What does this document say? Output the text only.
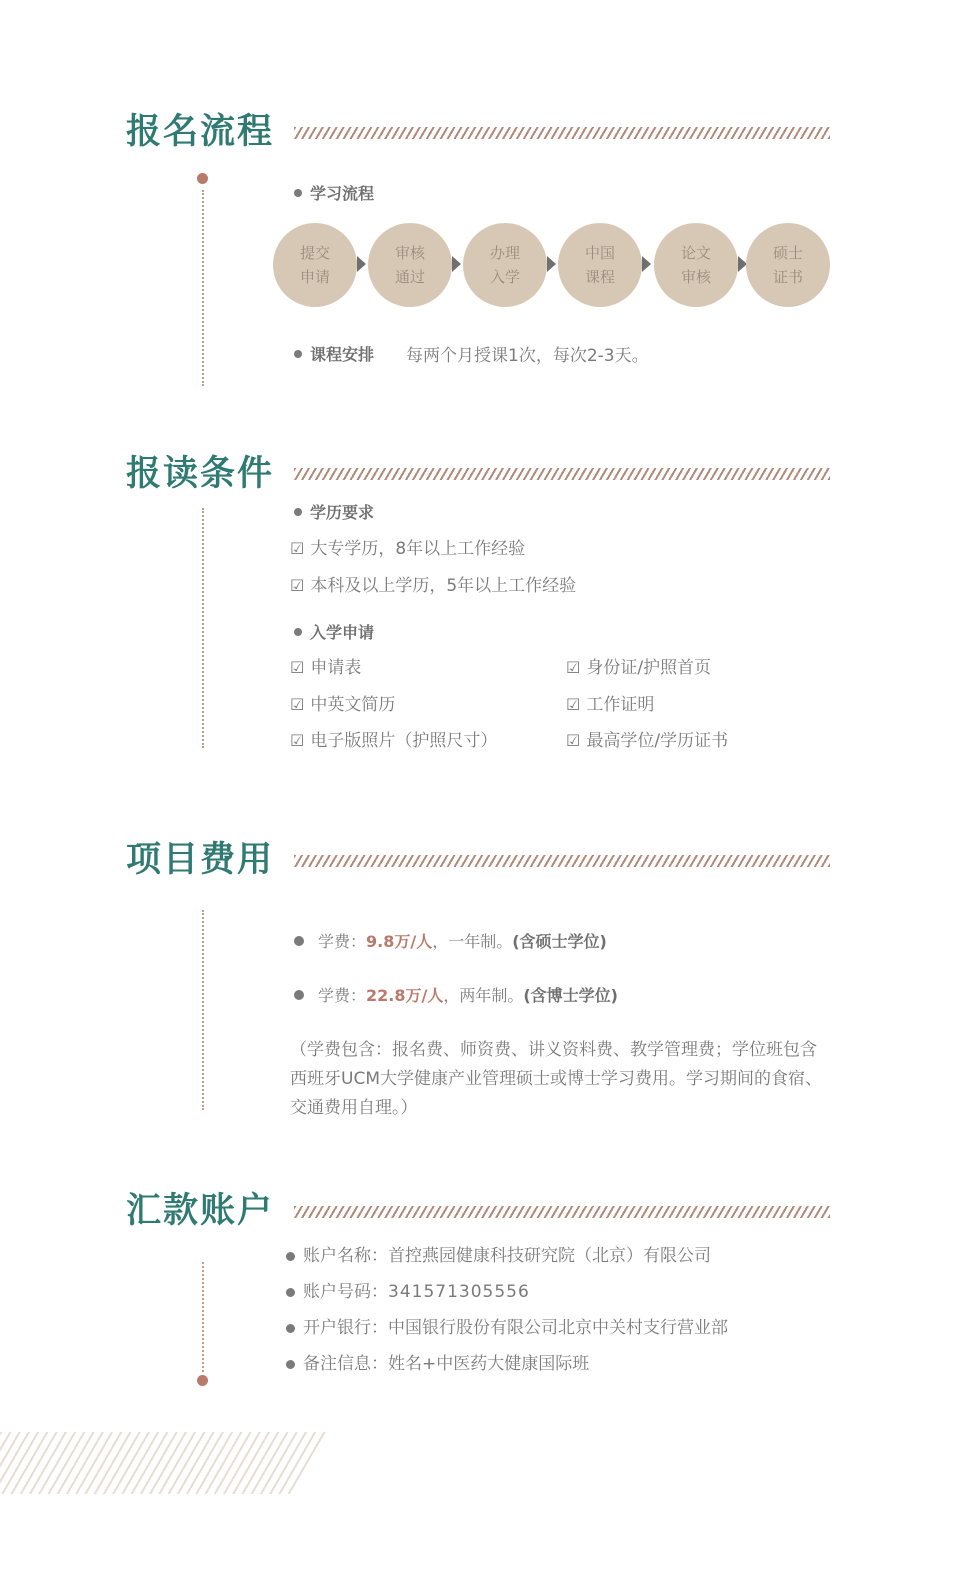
报名流程
学习流程
提交
申请
审核
通过
办理
入学
中国
课程
论文
审核
硕士
证书
课程安排 每两个月授课1次，每次2-3天。
报读条件
学历要求
☑ 大专学历，8年以上工作经验
☑ 本科及以上学历，5年以上工作经验
入学申请
☑ 申请表
☑ 中英文简历
☑ 电子版照片（护照尺寸）
☑ 身份证/护照首页
☑ 工作证明
☑ 最高学位/学历证书
项目费用
学费： 9.8万/人 ，一年制。 (含硕士学位)
学费： 22.8万/人 ，两年制。 (含博士学位)
（学费包含：报名费、师资费、讲义资料费、教学管理费；学位班包含西班牙UCM大学健康产业管理硕士或博士学习费用。学习期间的食宿、交通费用自理。）
汇款账户
账户名称： 首控燕园健康科技研究院（北京）有限公司
账户号码： 341571305556
开户银行： 中国银行股份有限公司北京中关村支行营业部
备注信息： 姓名+中医药大健康国际班
